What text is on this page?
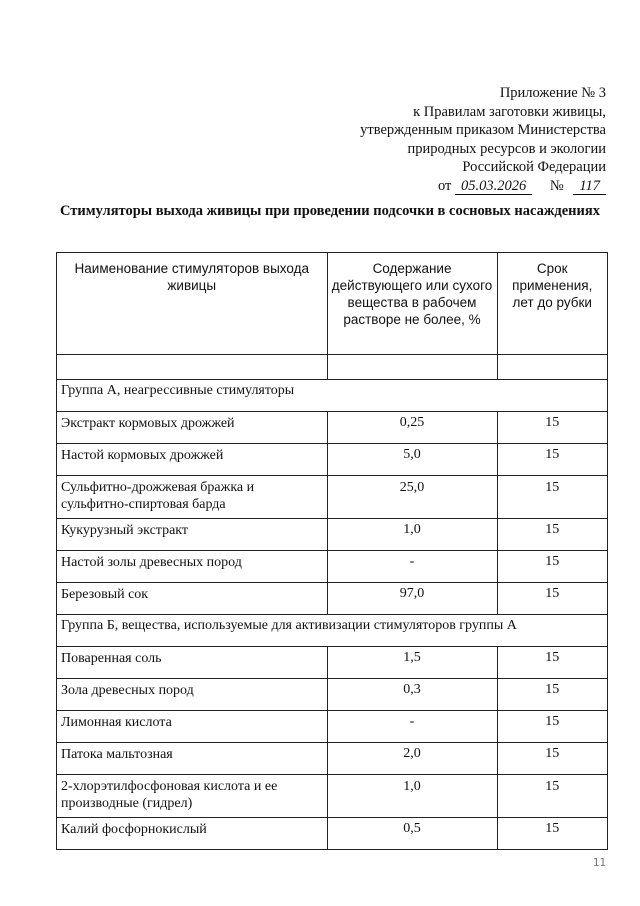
Приложение № 3
к Правилам заготовки живицы,
утвержденным приказом Министерства
природных ресурсов и экологии
Российской Федерации
от 05.03.2026 № 117
Стимуляторы выхода живицы при проведении подсочки в сосновых насаждениях
Наименование стимуляторов выхода живицы	Содержание действующего или сухого вещества в рабочем растворе не более, %	Срок применения, лет до рубки

Группа А, неагрессивные стимуляторы		
Экстракт кормовых дрожжей	0,25	15
Настой кормовых дрожжей	5,0	15
Сульфитно-дрожжевая бражка и сульфитно-спиртовая барда	25,0	15
Кукурузный экстракт	1,0	15
Настой золы древесных пород	-	15
Березовый сок	97,0	15
Группа Б, вещества, используемые для активизации стимуляторов группы А		
Поваренная соль	1,5	15
Зола древесных пород	0,3	15
Лимонная кислота	-	15
Патока мальтозная	2,0	15
2-хлорэтилфосфоновая кислота и ее производные (гидрел)	1,0	15
Калий фосфорнокислый	0,5	15
11
